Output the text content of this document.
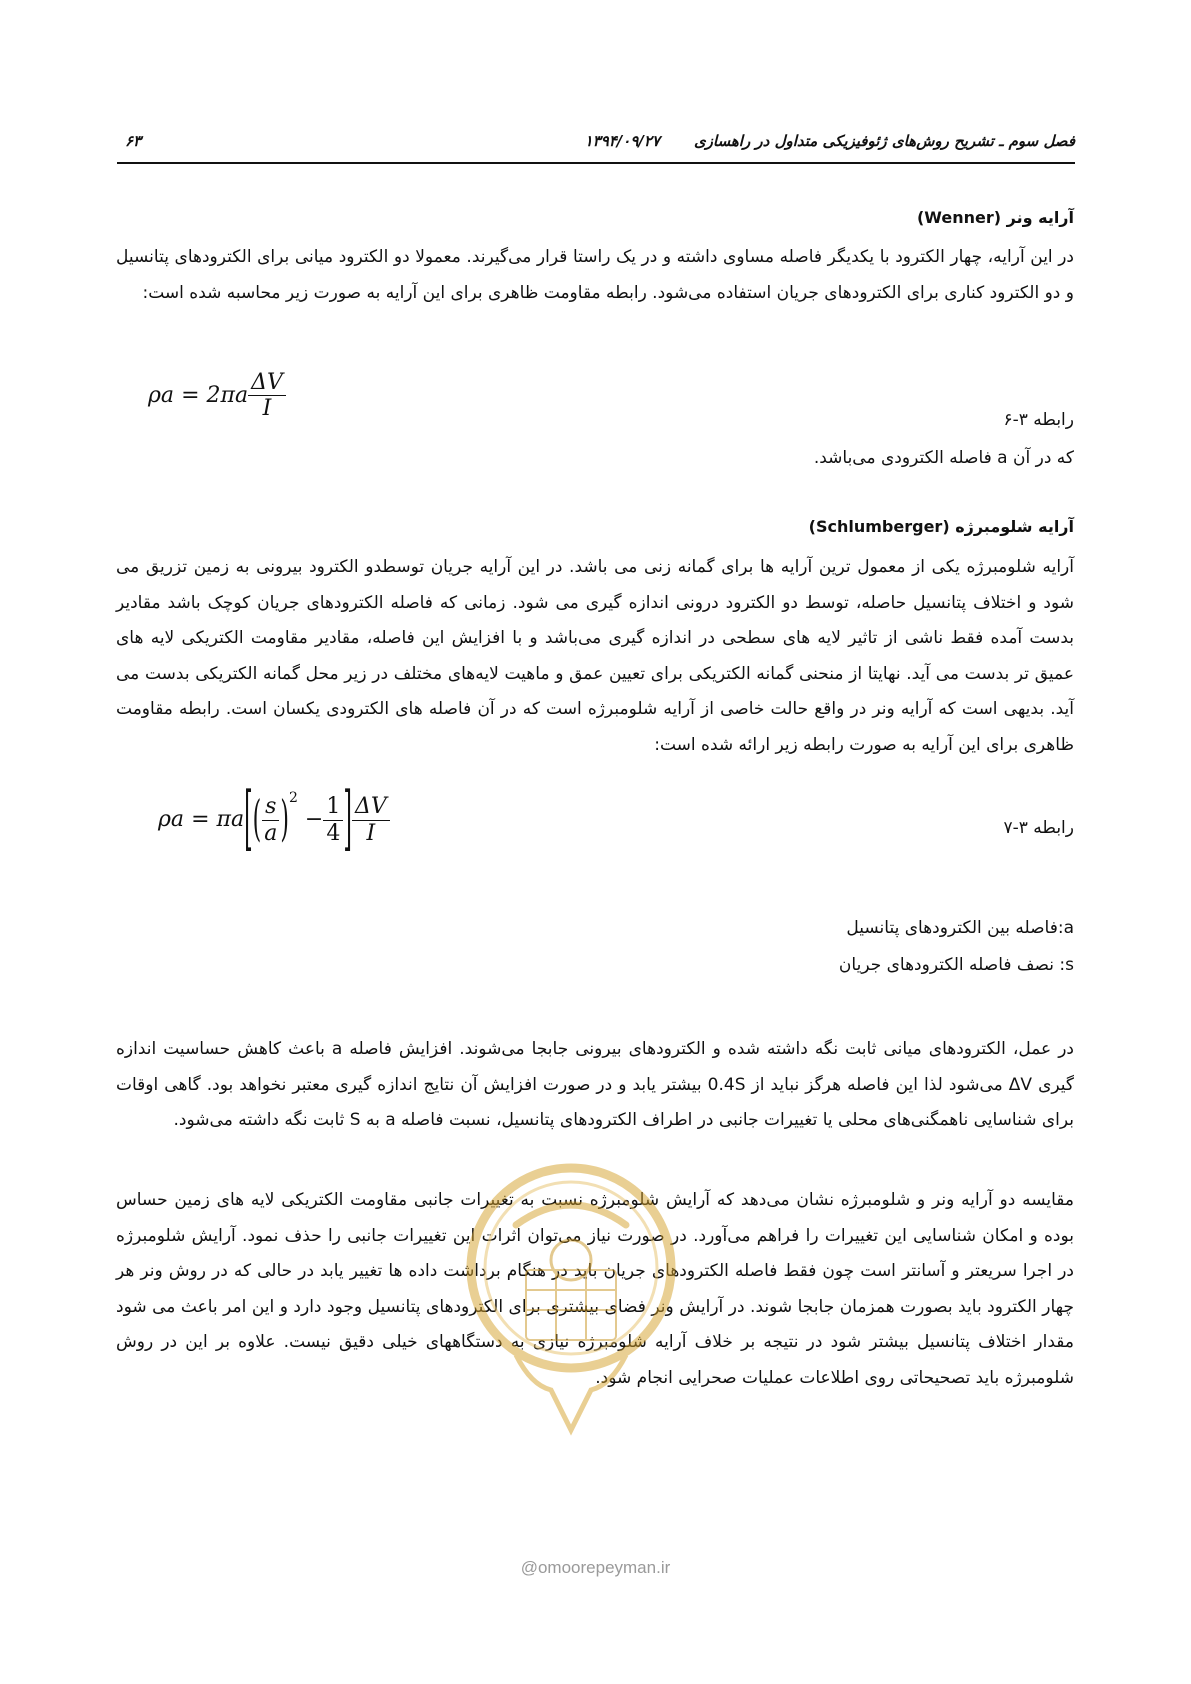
فصل سوم ـ تشریح روش‌های ژئوفیزیکی متداول در راهسازی
۱۳۹۴/۰۹/۲۷
۶۳
آرایه ونر (Wenner)
در این آرایه، چهار الکترود با یکدیگر فاصله مساوی داشته و در یک راستا قرار می‌گیرند. معمولا دو الکترود میانی برای الکترودهای پتانسیل و دو الکترود کناری برای الکترودهای جریان استفاده می‌شود. رابطه مقاومت ظاهری برای این آرایه به صورت زیر محاسبه شده است:
$\rho a = 2\pi a \frac{\Delta V}{I}$	رابطه ۳-۶
که در آن a فاصله الکترودی می‌باشد.
آرایه شلومبرژه (Schlumberger)
آرایه شلومبرژه یکی از معمول ترین آرایه ها برای گمانه زنی می باشد. در این آرایه جریان توسطدو الکترود بیرونی به زمین تزریق می شود و اختلاف پتانسیل حاصله، توسط دو الکترود درونی اندازه گیری می شود. زمانی که فاصله الکترودهای جریان کوچک باشد مقادیر بدست آمده فقط ناشی از تاثیر لایه های سطحی در اندازه گیری می‌باشد و با افزایش این فاصله، مقادیر مقاومت الکتریکی لایه های عمیق تر بدست می آید. نهایتا از منحنی گمانه الکتریکی برای تعیین عمق و ماهیت لایه‌های مختلف در زیر محل گمانه الکتریکی بدست می آید. بدیهی است که آرایه ونر در واقع حالت خاصی از آرایه شلومبرژه است که در آن فاصله های الکترودی یکسان است. رابطه مقاومت ظاهری برای این آرایه به صورت رابطه زیر ارائه شده است:
$\rho a = \pi a[( \frac{s}{a} )^2 - \frac{1}{4}$ ] $\frac{\Delta V}{I}$	رابطه ۳-۷
a:فاصله بین الکترودهای پتانسیل
s: نصف فاصله الکترودهای جریان
در عمل، الکترودهای میانی ثابت نگه داشته شده و الکترودهای بیرونی جابجا می‌شوند. افزایش فاصله a باعث کاهش حساسیت اندازه گیری ΔV می‌شود لذا این فاصله هرگز نباید از 0.4S بیشتر یابد و در صورت افزایش آن نتایج اندازه گیری معتبر نخواهد بود. گاهی اوقات برای شناسایی ناهمگنی‌های محلی یا تغییرات جانبی در اطراف الکترودهای پتانسیل، نسبت فاصله a به S ثابت نگه داشته می‌شود.
مقایسه دو آرایه ونر و شلومبرژه نشان می‌دهد که آرایش شلومبرژه نسبت به تغییرات جانبی مقاومت الکتریکی لایه های زمین حساس بوده و امکان شناسایی این تغییرات را فراهم می‌آورد. در صورت نیاز می‌توان اثرات این تغییرات جانبی را حذف نمود. آرایش شلومبرژه در اجرا سریعتر و آسانتر است چون فقط فاصله الکترودهای جریان باید در هنگام برداشت داده ها تغییر یابد در حالی که در روش ونر هر چهار الکترود باید بصورت همزمان جابجا شوند. در آرایش ونر فضای بیشتری برای الکترودهای پتانسیل وجود دارد و این امر باعث می شود مقدار اختلاف پتانسیل بیشتر شود در نتیجه بر خلاف آرایه شلومبرژه نیازی به دستگاههای خیلی دقیق نیست. علاوه بر این در روش شلومبرژه باید تصحیحاتی روی اطلاعات عملیات صحرایی انجام شود.
@omoorepeyman.ir
